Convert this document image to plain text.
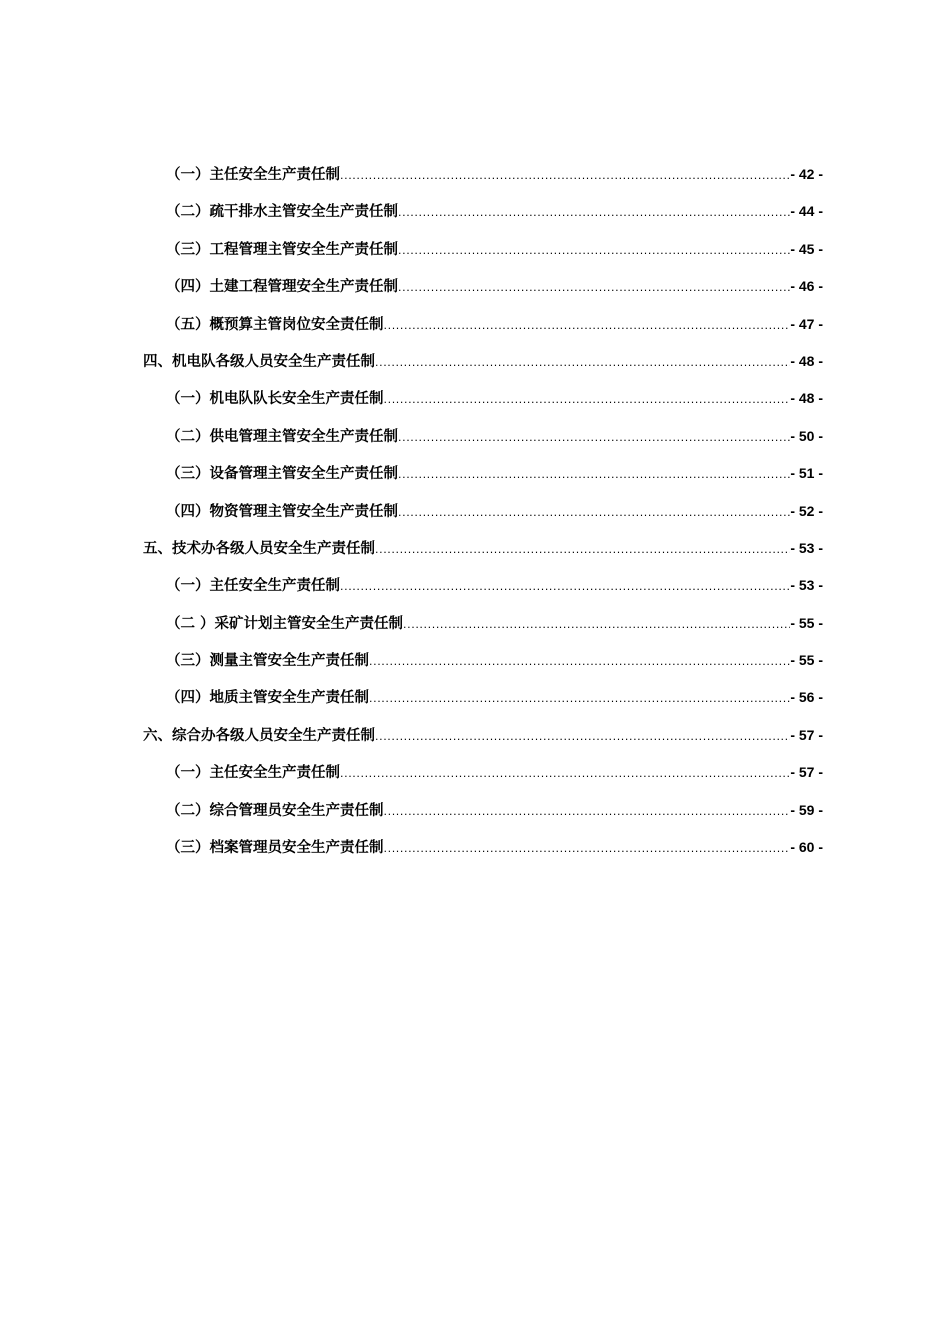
（一）主任安全生产责任制 .....	- 42 -
（二）疏干排水主管安全生产责任制 .....	- 44 -
（三）工程管理主管安全生产责任制 .....	- 45 -
（四）土建工程管理安全生产责任制 .....	- 46 -
（五）概预算主管岗位安全责任制 .....	- 47 -
四、机电队各级人员安全生产责任制 .....	- 48 -
（一）机电队队长安全生产责任制 .....	- 48 -
（二）供电管理主管安全生产责任制 .....	- 50 -
（三）设备管理主管安全生产责任制 .....	- 51 -
（四）物资管理主管安全生产责任制 .....	- 52 -
五、技术办各级人员安全生产责任制 .....	- 53 -
（一）主任安全生产责任制 .....	- 53 -
（二 ）采矿计划主管安全生产责任制 .....	- 55 -
（三）测量主管安全生产责任制 .....	- 55 -
（四）地质主管安全生产责任制 .....	- 56 -
六、综合办各级人员安全生产责任制 .....	- 57 -
（一）主任安全生产责任制 .....	- 57 -
（二）综合管理员安全生产责任制 .....	- 59 -
（三）档案管理员安全生产责任制 .....	- 60 -
